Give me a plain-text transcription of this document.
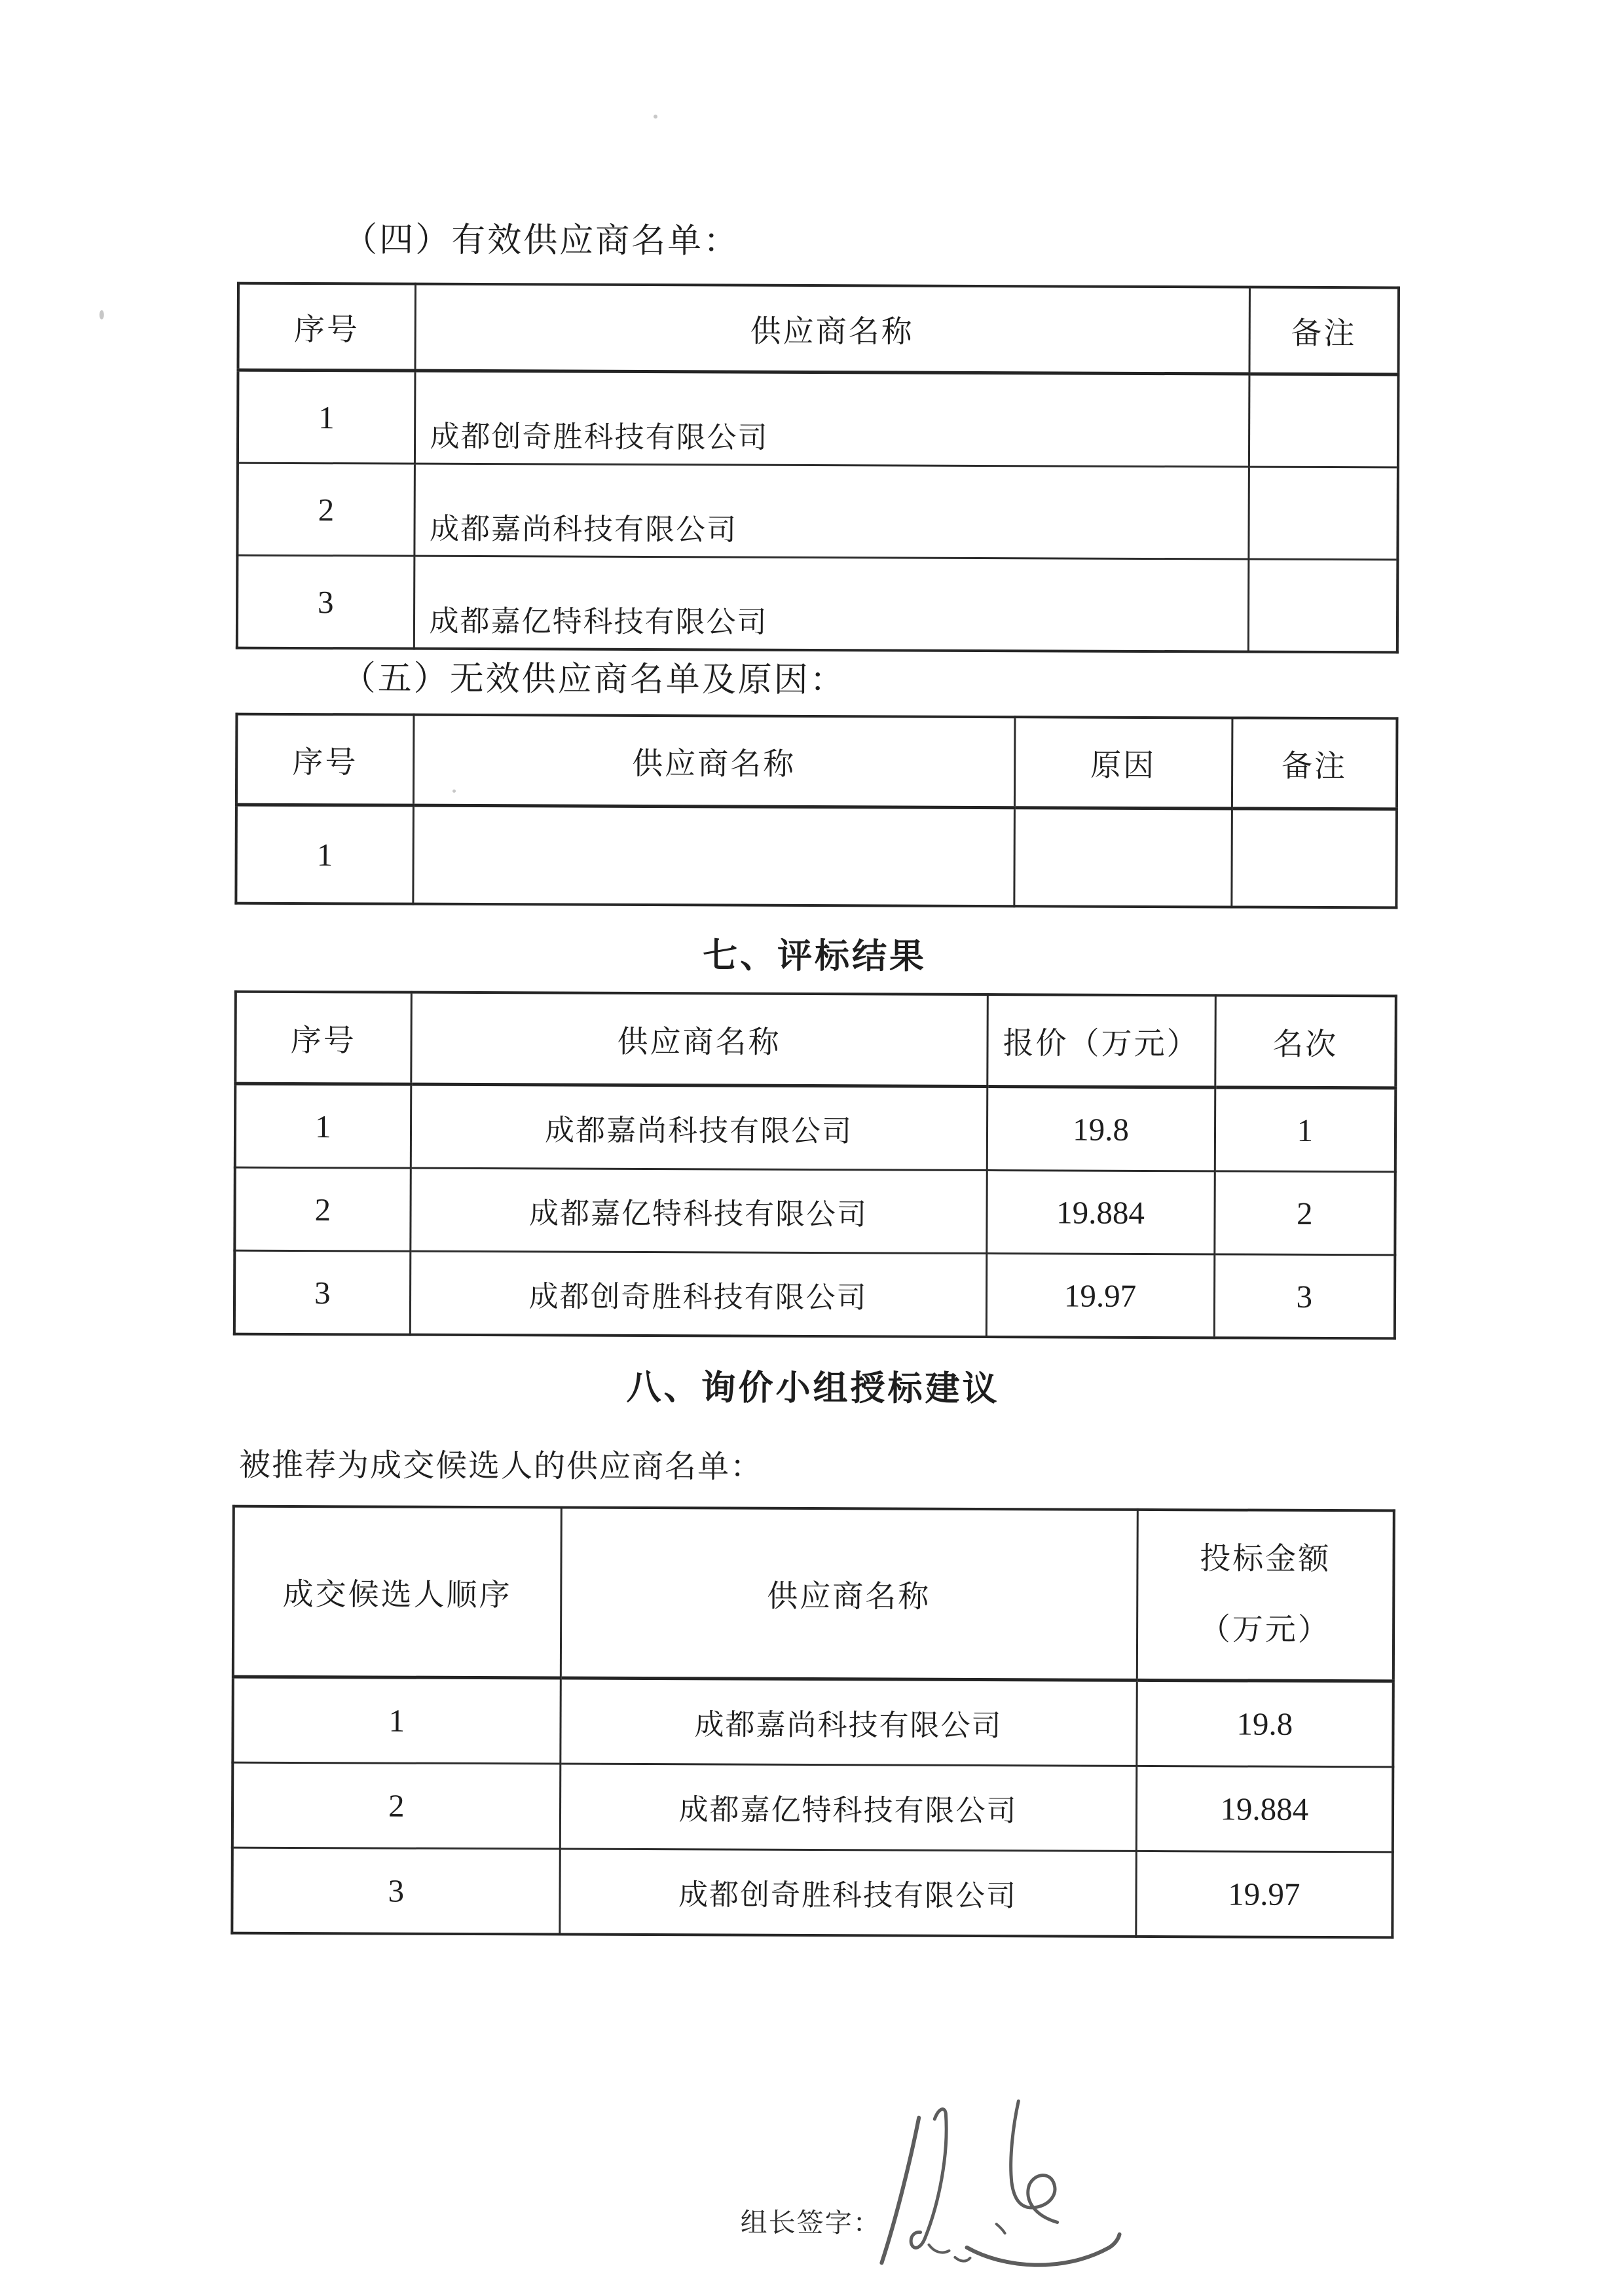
（四）有效供应商名单：
序号	供应商名称	备注
1	成都创奇胜科技有限公司	
2	成都嘉尚科技有限公司	
3	成都嘉亿特科技有限公司	
（五）无效供应商名单及原因：
序号	供应商名称	原因	备注
1			
七、评标结果
序号	供应商名称	报价（万元）	名次
1	成都嘉尚科技有限公司	19.8	1
2	成都嘉亿特科技有限公司	19.884	2
3	成都创奇胜科技有限公司	19.97	3
八、询价小组授标建议
被推荐为成交候选人的供应商名单：
成交候选人顺序	供应商名称	投标金额
（万元）

1	成都嘉尚科技有限公司	19.8
2	成都嘉亿特科技有限公司	19.884
3	成都创奇胜科技有限公司	19.97
组长签字：
